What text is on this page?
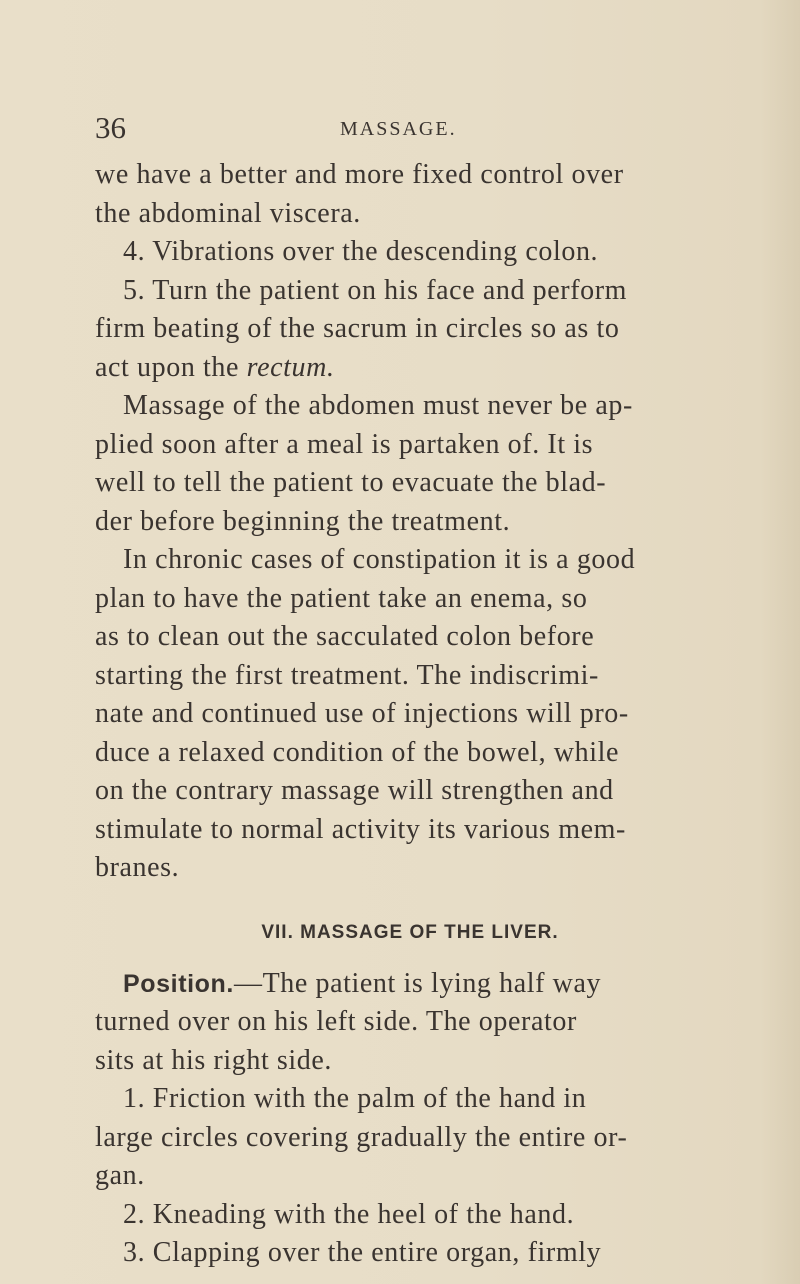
36	MASSAGE.
we have a better and more fixed control over
the abdominal viscera.
4. Vibrations over the descending colon.
5. Turn the patient on his face and perform
firm beating of the sacrum in circles so as to
act upon the rectum.
Massage of the abdomen must never be ap-
plied soon after a meal is partaken of. It is
well to tell the patient to evacuate the blad-
der before beginning the treatment.
In chronic cases of constipation it is a good
plan to have the patient take an enema, so
as to clean out the sacculated colon before
starting the first treatment. The indiscrimi-
nate and continued use of injections will pro-
duce a relaxed condition of the bowel, while
on the contrary massage will strengthen and
stimulate to normal activity its various mem-
branes.
VII. MASSAGE OF THE LIVER.
Position.—The patient is lying half way
turned over on his left side. The operator
sits at his right side.
1. Friction with the palm of the hand in
large circles covering gradually the entire or-
gan.
2. Kneading with the heel of the hand.
3. Clapping over the entire organ, firmly
